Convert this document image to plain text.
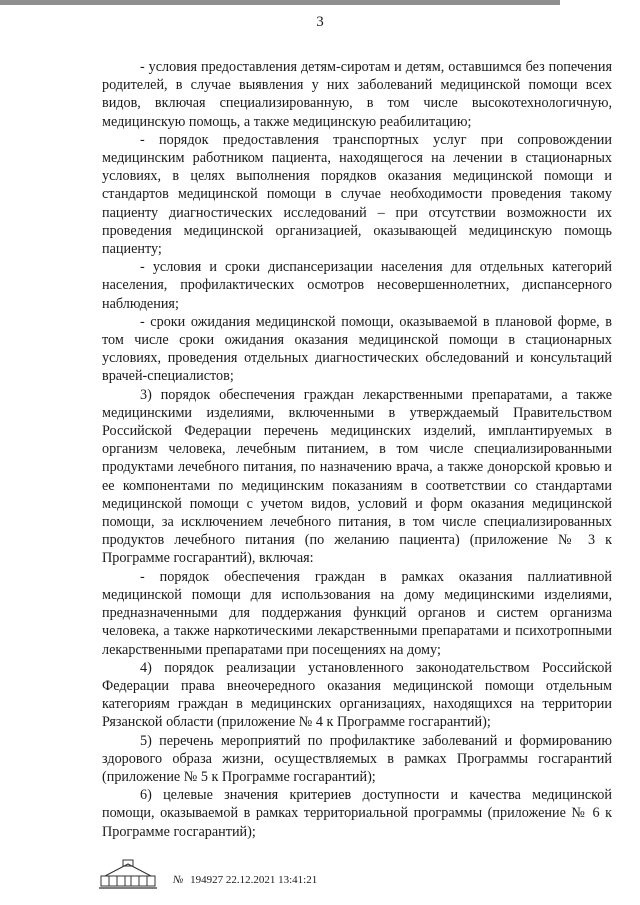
3

- условия предоставления детям-сиротам и детям, оставшимся без попечения родителей, в случае выявления у них заболеваний медицинской помощи всех видов, включая специализированную, в том числе высокотехнологичную, медицинскую помощь, а также медицинскую реабилитацию;

- порядок предоставления транспортных услуг при сопровождении медицинским работником пациента, находящегося на лечении в стационарных условиях, в целях выполнения порядков оказания медицинской помощи и стандартов медицинской помощи в случае необходимости проведения такому пациенту диагностических исследований – при отсутствии возможности их проведения медицинской организацией, оказывающей медицинскую помощь пациенту;

- условия и сроки диспансеризации населения для отдельных категорий населения, профилактических осмотров несовершеннолетних, диспансерного наблюдения;

- сроки ожидания медицинской помощи, оказываемой в плановой форме, в том числе сроки ожидания оказания медицинской помощи в стационарных условиях, проведения отдельных диагностических обследований и консультаций врачей-специалистов;

3) порядок обеспечения граждан лекарственными препаратами, а также медицинскими изделиями, включенными в утверждаемый Правительством Российской Федерации перечень медицинских изделий, имплантируемых в организм человека, лечебным питанием, в том числе специализированными продуктами лечебного питания, по назначению врача, а также донорской кровью и ее компонентами по медицинским показаниям в соответствии со стандартами медицинской помощи с учетом видов, условий и форм оказания медицинской помощи, за исключением лечебного питания, в том числе специализированных продуктов лечебного питания (по желанию пациента) (приложение № 3 к Программе госгарантий), включая:

- порядок обеспечения граждан в рамках оказания паллиативной медицинской помощи для использования на дому медицинскими изделиями, предназначенными для поддержания функций органов и систем организма человека, а также наркотическими лекарственными препаратами и психотропными лекарственными препаратами при посещениях на дому;

4) порядок реализации установленного законодательством Российской Федерации права внеочередного оказания медицинской помощи отдельным категориям граждан в медицинских организациях, находящихся на территории Рязанской области (приложение № 4 к Программе госгарантий);

5) перечень мероприятий по профилактике заболеваний и формированию здорового образа жизни, осуществляемых в рамках Программы госгарантий (приложение № 5 к Программе госгарантий);

6) целевые значения критериев доступности и качества медицинской помощи, оказываемой в рамках территориальной программы (приложение № 6 к Программе госгарантий);

№ 194927 22.12.2021 13:41:21
